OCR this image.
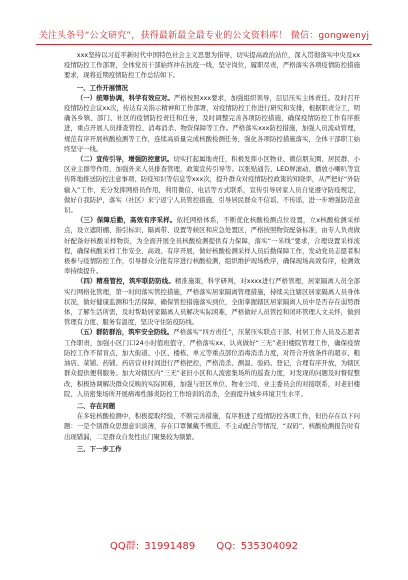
关注头条号“公文研究”，获得最新最全最专业的公文资料库！ 微信：gongwenyj

xxx坚持以习近平新时代中国特色社会主义思想为指导，切实提高政治站位，深入贯彻落实中央及xx疫情防控工作部署，全体党员干部始终冲在抗疫一线，坚守岗位，履职尽责，严格落实各项疫情防控措施要求，现将近期疫情防控工作总结如下。

一、工作开展情况

（一）统筹协调，科学有效应对。严格按照xxx要求，加强组织领导，层层压实主体责任。及时召开疫情防控会议xx次，传达有关指示精神和工作部署，对疫情防控工作进行研究和安排，根据职责分工，明确各乡镇、部门、社区的疫情防控责任和任务，及时调整完善各项防控措施，确保疫情防控工作有序推进，重点开展人员排查管控、消毒消杀、物资保障等工作。严格落实xxx防控措施，加强人员流动管理，规范有序开展核酸检测等工作，连续高质量完成核酸检测任务，强化各项防控措施落实，全体干部职工始终坚守一线。

（二）宣传引导，增强防控意识。切实扛起属地责任，积极发挥小区物业、微信朋友圈、居民群、小区业主群等作用，加强外来人员排查管理，政策宣传引导等。以张贴通告、LED屏滚动、播放小喇叭等宣传阵地推送防控注意事项、防疫知识等信息等xxx次，提升群众对疫情防控政策的知晓率，从严把好“外防输入”工作，充分发挥网格员作用，利用微信、电话等方式联系，宣传引导居家人员自觉遵守防疫规定，做好自我防护，落实（社区）来宁返宁人员管控措施，引导居民群众不信谣、不传谣，进一步增强防范意识。

（三）保障后勤，高效有序采样。依托网格体系，不断优化核酸检测点位设置，立x核酸检测采样点，设立遮阳棚、指引标识、隔离带、设置等候区和应急处置区，严格按照物资配备标准，由专人负责做好配备好核酸采样物资，为全面开展全员核酸检测提供有力保障，落实“一米线”要求，合理设置采样流程，确保核酸采样工作安全、高效、有序开展，做好核酸检测采样人员后勤保障工作，发动党员志愿者积极参与疫情防控工作，引导群众分批有序进行核酸检测，组织维护现场秩序，确保现场高效有序，检测效率持续提升。

（四）精准管控，筑牢联防防线。精准施策，科学研判，对xxxx进行严格管理，居家隔离人员全部实行网格化管理，第一时间落实管控措施，严格落实居家隔离管理措施，持续关注辖区居家隔离人员身体状况，做好健康监测和生活保障，确保管控措施落实到位，全面掌握辖区居家隔离人员中是否存在弱势群体，了解生活所需，及时帮助居家隔离人员解决实际困难，严格做好人员管控和闭环管理人文关怀，做到管理有力度、服务有温度，坚决守住防疫防线。

（五）群防群治，筑牢安全防线。严格落实“四方责任”，压紧压实联点干部、村居工作人员及志愿者工作职责，加强小区门口24小时值班值守，严格落实xx，认真做好“三无”老旧楼院管理工作，确保疫情防控工作不留盲点，加大街道、小区、楼栋、单元等重点部位消毒消杀力度，对符合开放条件的超市、粮油店、菜铺、药铺、药店营业时间进行严格把控，严格消杀、测温、验码、登记，合理有序开放，为辖区群众提供便利服务。加大对辖区内“三无”老旧小区和人流密集场所的巡查力度，对发现的问题及时督促整改，积极协调解决群众反映的实际困难，加强与驻区单位、物业公司、业主委员会的对接联系，对老旧楼院、人员密集场所开展病毒性肺炎防控工作培训的消杀，全面提升城乡环境卫生水平。

二、存在问题

在多轮核酸检测中，积极提取经验，不断完善措施，有序推进了疫情防控各项工作，但仍存在以下问题：一是个别群众思想意识淡薄，存在口罩佩戴不规范、不主动配合等情况，“双码”、核酸检测报告时有出现错漏，二是群众自发性出门聚集较为频繁。

三、下一步工作

QQ群: 31991489 QQ: 535304092
